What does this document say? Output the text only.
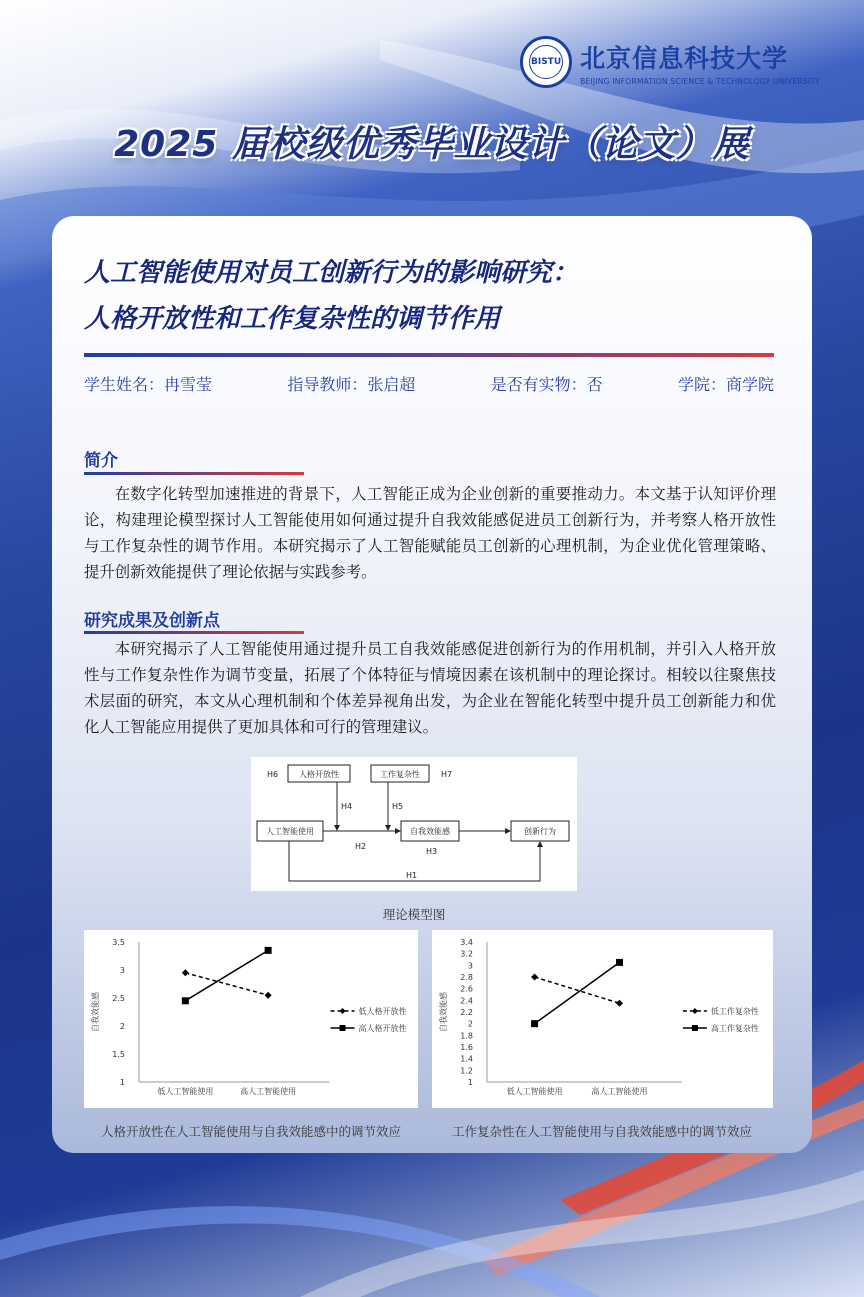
BISTU 北京信息科技大学
BEIJING INFORMATION SCIENCE & TECHNOLOGY UNIVERSITY
2025 届校级优秀毕业设计（论文）展
人工智能使用对员工创新行为的影响研究：
人格开放性和工作复杂性的调节作用
学生姓名：冉雪莹	指导教师：张启超	是否有实物：否	学院：商学院
简介
在数字化转型加速推进的背景下，人工智能正成为企业创新的重要推动力。本文基于认知评价理论，构建理论模型探讨人工智能使用如何通过提升自我效能感促进员工创新行为，并考察人格开放性与工作复杂性的调节作用。本研究揭示了人工智能赋能员工创新的心理机制，为企业优化管理策略、提升创新效能提供了理论依据与实践参考。
研究成果及创新点
本研究揭示了人工智能使用通过提升员工自我效能感促进创新行为的作用机制，并引入人格开放性与工作复杂性作为调节变量，拓展了个体特征与情境因素在该机制中的理论探讨。相较以往聚焦技术层面的研究，本文从心理机制和个体差异视角出发，为企业在智能化转型中提升员工创新能力和优化人工智能应用提供了更加具体和可行的管理建议。
人格开放性	工作复杂性
人工智能使用	自我效能感	创新行为
H6	H7
H4	H5
H2
H3
H1
理论模型图
1
1.5
2
2.5
3
3.5
自我效能感
低人工智能使用	高人工智能使用
低人格开放性
高人格开放性
人格开放性在人工智能使用与自我效能感中的调节效应
1
1.2
1.4
1.6
1.8
2
2.2
2.4
2.6
2.8
3
3.2
3.4
自我效能感
低人工智能使用	高人工智能使用
低工作复杂性
高工作复杂性
工作复杂性在人工智能使用与自我效能感中的调节效应
